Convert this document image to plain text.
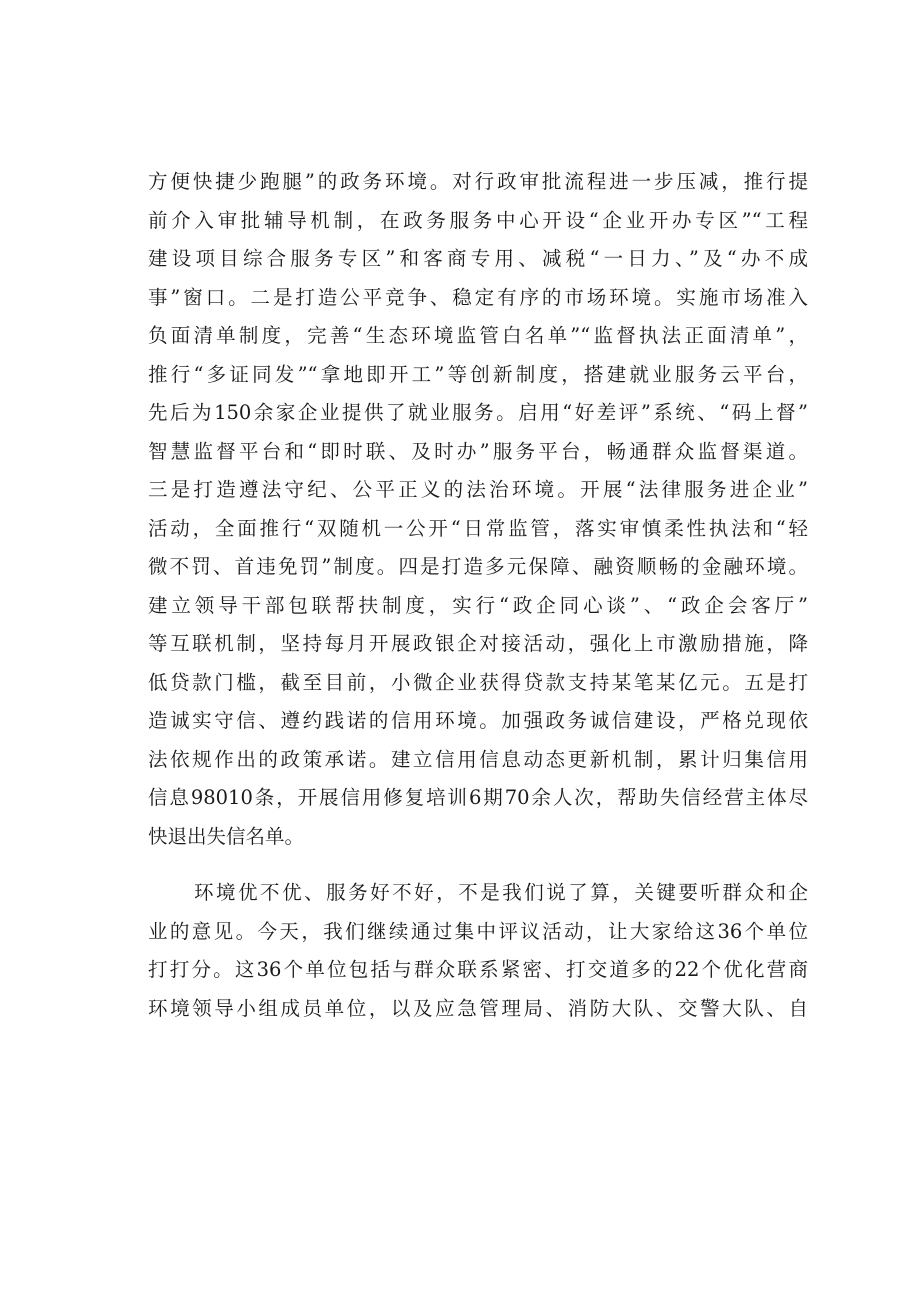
方便快捷少跑腿”的政务环境。对行政审批流程进一步压减，推行提
前介入审批辅导机制，在政务服务中心开设“企业开办专区”“工程
建设项目综合服务专区”和客商专用、减税“一日力、”及“办不成
事”窗口。二是打造公平竞争、稳定有序的市场环境。实施市场准入
负面清单制度，完善“生态环境监管白名单”“监督执法正面清单”，
推行“多证同发”“拿地即开工”等创新制度，搭建就业服务云平台，
先后为150余家企业提供了就业服务。启用“好差评”系统、“码上督”
智慧监督平台和“即时联、及时办”服务平台，畅通群众监督渠道。
三是打造遵法守纪、公平正义的法治环境。开展“法律服务进企业”
活动，全面推行“双随机一公开“日常监管，落实审慎柔性执法和“轻
微不罚、首违免罚”制度。四是打造多元保障、融资顺畅的金融环境。
建立领导干部包联帮扶制度，实行“政企同心谈”、“政企会客厅”
等互联机制，坚持每月开展政银企对接活动，强化上市激励措施，降
低贷款门槛，截至目前，小微企业获得贷款支持某笔某亿元。五是打
造诚实守信、遵约践诺的信用环境。加强政务诚信建设，严格兑现依
法依规作出的政策承诺。建立信用信息动态更新机制，累计归集信用
信息98010条，开展信用修复培训6期70余人次，帮助失信经营主体尽
快退出失信名单。
环境优不优、服务好不好，不是我们说了算，关键要听群众和企
业的意见。今天，我们继续通过集中评议活动，让大家给这36个单位
打打分。这36个单位包括与群众联系紧密、打交道多的22个优化营商
环境领导小组成员单位，以及应急管理局、消防大队、交警大队、自
